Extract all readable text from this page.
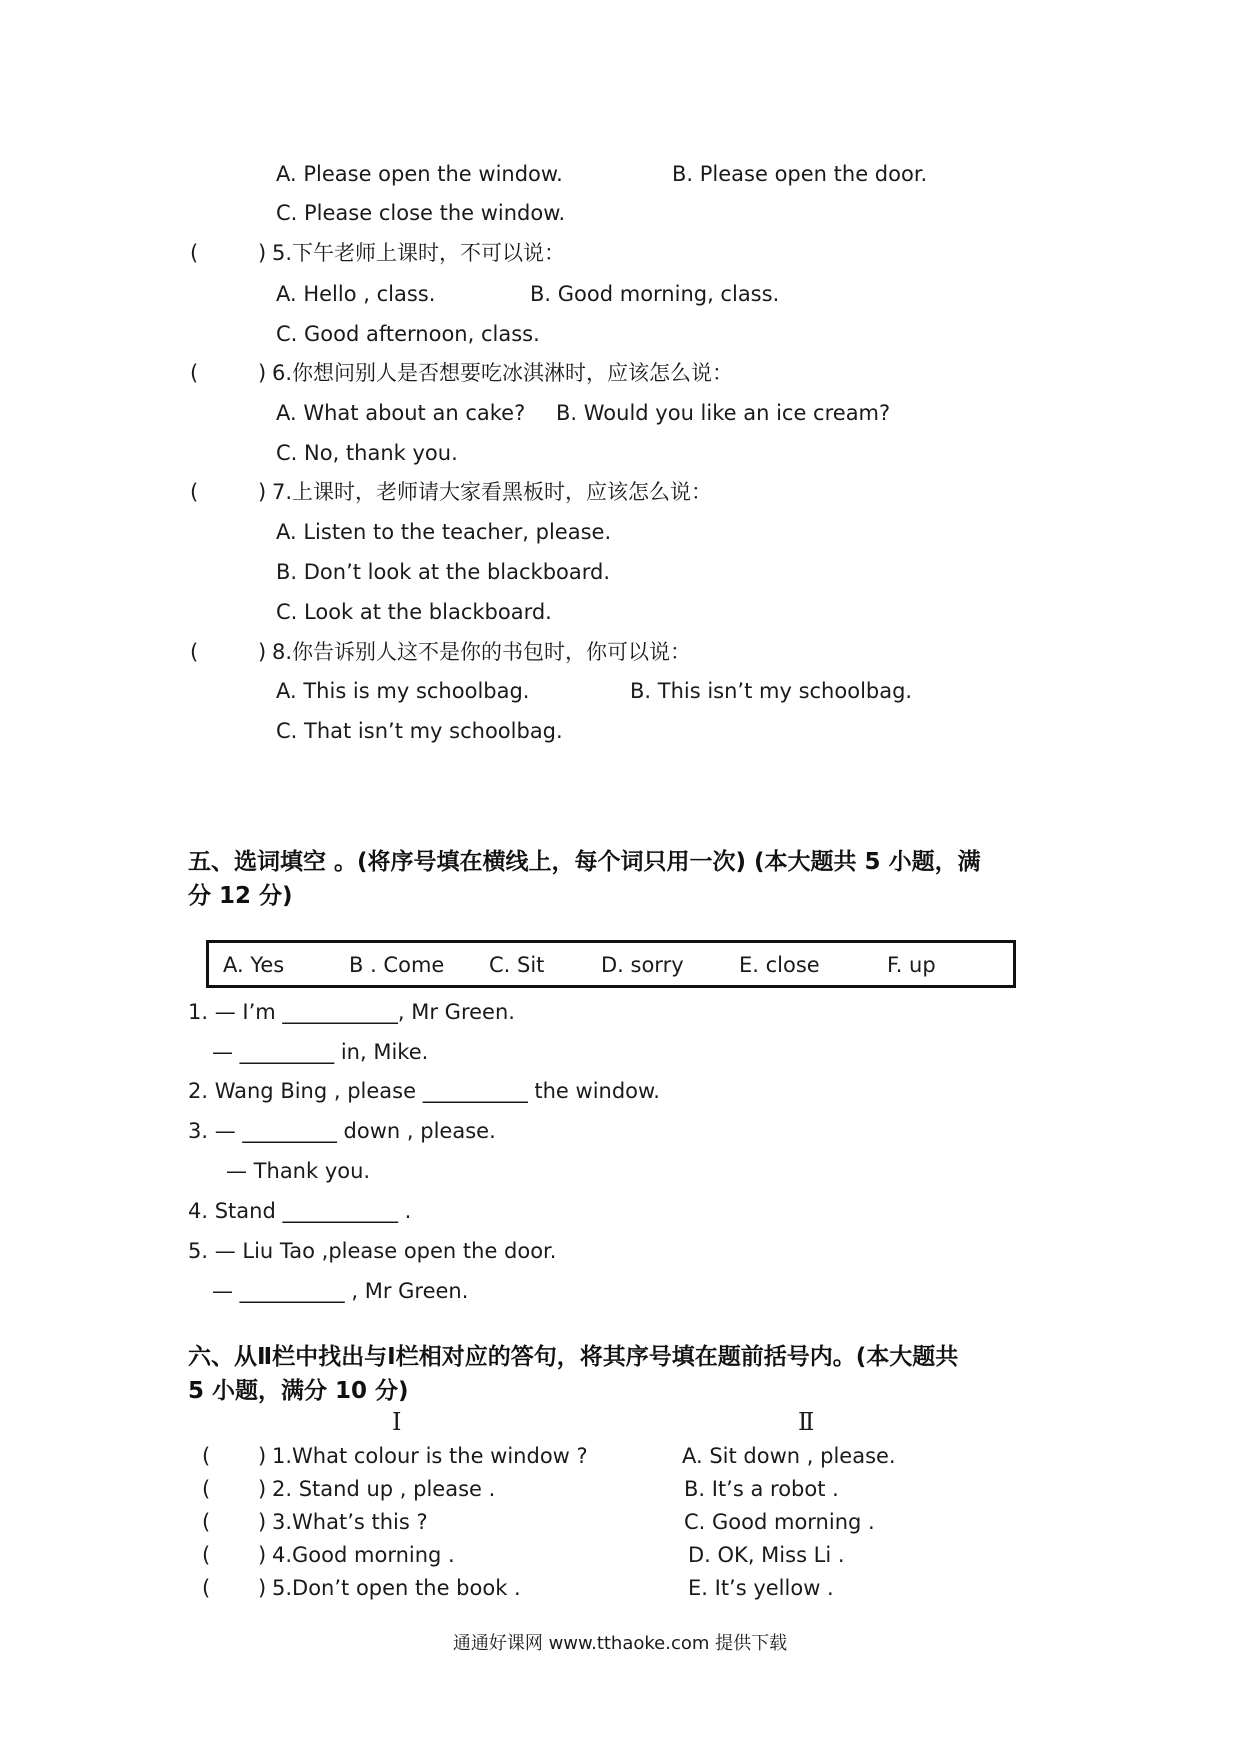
A. Please open the window.	B. Please open the door.
C. Please close the window.
(	) 5.下午老师上课时，不可以说：
A. Hello , class.	B. Good morning, class.
C. Good afternoon, class.
(	) 6.你想问别人是否想要吃冰淇淋时，应该怎么说：
A. What about an cake? B. Would you like an ice cream?
C. No, thank you.
(	) 7.上课时，老师请大家看黑板时，应该怎么说：
A. Listen to the teacher, please.
B. Don’t look at the blackboard.
C. Look at the blackboard.
(	) 8.你告诉别人这不是你的书包时，你可以说：
A. This is my schoolbag.	B. This isn’t my schoolbag.
C. That isn’t my schoolbag.
五、选词填空 。(将序号填在横线上，每个词只用一次) (本大题共 5 小题，满
分 12 分)
A. Yes	B . Come C. Sit	D. sorry	E. close	F. up
1. — I’m ___________, Mr Green.
— _________ in, Mike.
2. Wang Bing , please __________ the window.
3. — _________ down , please.
— Thank you.
4. Stand ___________ .
5. — Liu Tao ,please open the door.
— __________ , Mr Green.
六、从Ⅱ栏中找出与Ⅰ栏相对应的答句，将其序号填在题前括号内。(本大题共
5 小题，满分 10 分)
Ⅰ	Ⅱ
( ) 1.What colour is the window ?	A. Sit down , please.
( ) 2. Stand up , please .	B. It’s a robot .
( ) 3.What’s this ?	C. Good morning .
( ) 4.Good morning .	D. OK, Miss Li .
( ) 5.Don’t open the book .	E. It’s yellow .
通通好课网 www.tthaoke.com 提供下载
